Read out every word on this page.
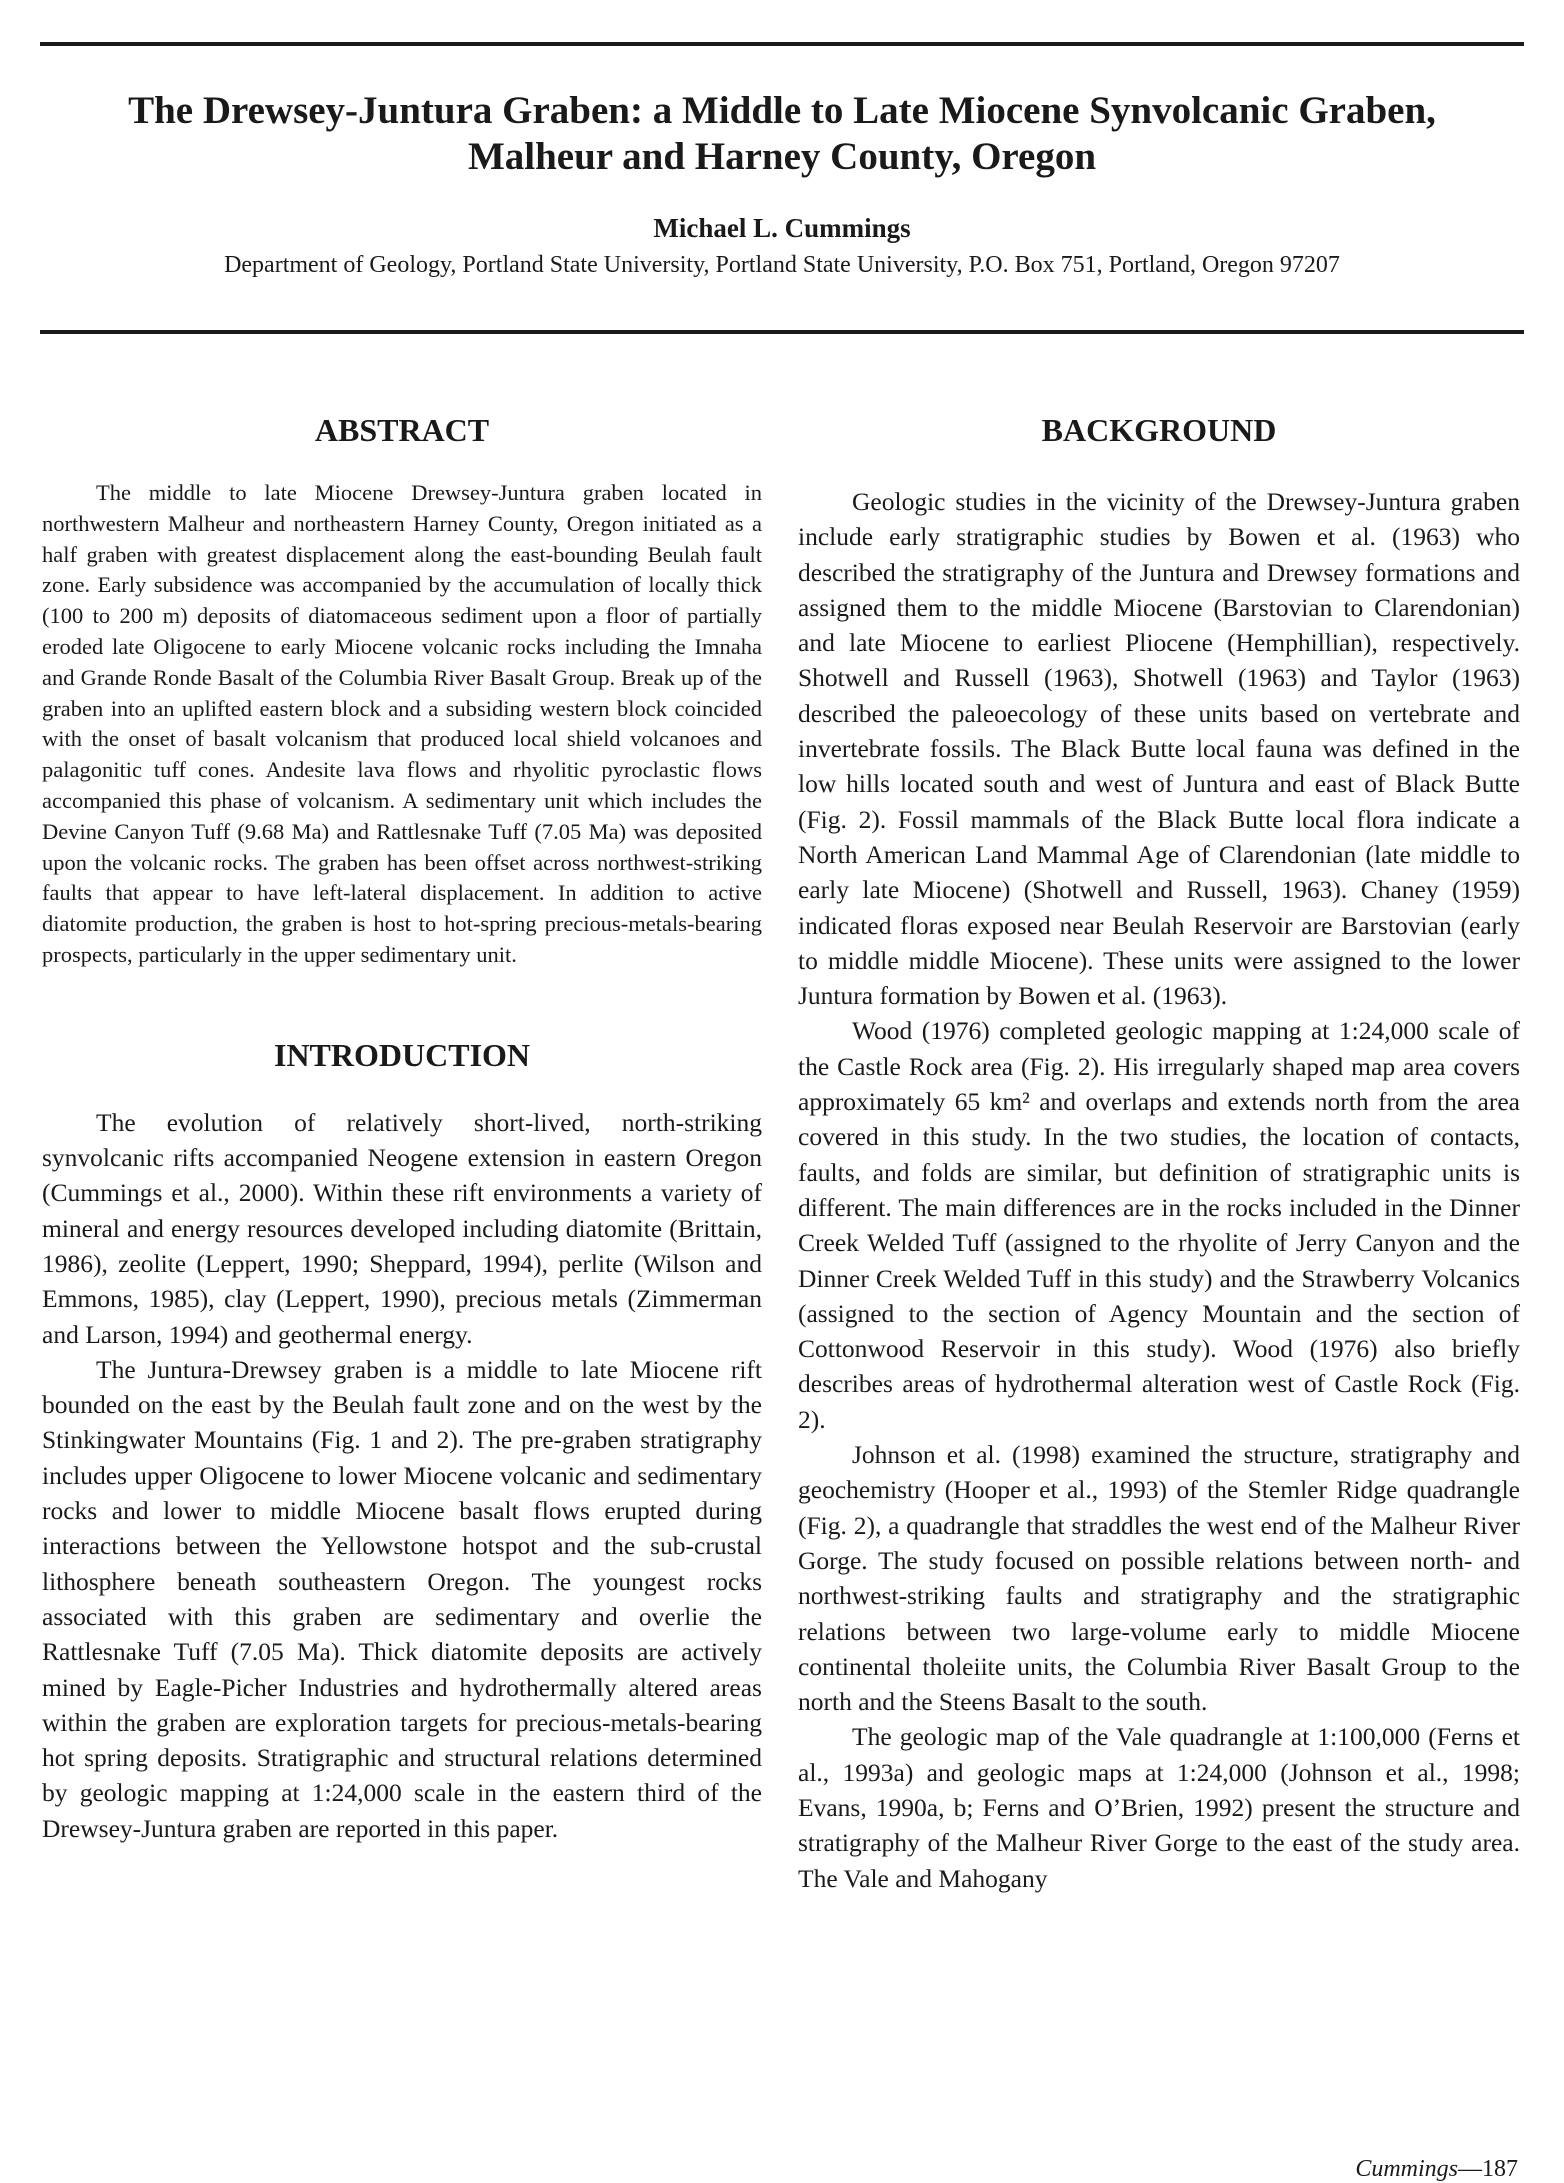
The Drewsey-Juntura Graben: a Middle to Late Miocene Synvolcanic Graben,
Malheur and Harney County, Oregon

Michael L. Cummings

Department of Geology, Portland State University, Portland State University, P.O. Box 751, Portland, Oregon 97207

ABSTRACT

The middle to late Miocene Drewsey-Juntura graben located in northwestern Malheur and northeastern Harney County, Oregon initiated as a half graben with greatest displacement along the east-bounding Beulah fault zone. Early subsidence was accompanied by the accumulation of locally thick (100 to 200 m) deposits of diatomaceous sediment upon a floor of partially eroded late Oligocene to early Miocene volcanic rocks including the Imnaha and Grande Ronde Basalt of the Columbia River Basalt Group. Break up of the graben into an uplifted eastern block and a subsiding western block coincided with the onset of basalt volcanism that produced local shield volcanoes and palagonitic tuff cones. Andesite lava flows and rhyolitic pyroclastic flows accompanied this phase of volcanism. A sedimentary unit which includes the Devine Canyon Tuff (9.68 Ma) and Rattlesnake Tuff (7.05 Ma) was deposited upon the volcanic rocks. The graben has been offset across northwest-striking faults that appear to have left-lateral displacement. In addition to active diatomite production, the graben is host to hot-spring precious-metals-bearing prospects, particularly in the upper sedimentary unit.

INTRODUCTION

The evolution of relatively short-lived, north-striking synvolcanic rifts accompanied Neogene extension in eastern Oregon (Cummings et al., 2000). Within these rift environments a variety of mineral and energy resources developed including diatomite (Brittain, 1986), zeolite (Leppert, 1990; Sheppard, 1994), perlite (Wilson and Emmons, 1985), clay (Leppert, 1990), precious metals (Zimmerman and Larson, 1994) and geothermal energy.

The Juntura-Drewsey graben is a middle to late Miocene rift bounded on the east by the Beulah fault zone and on the west by the Stinkingwater Mountains (Fig. 1 and 2). The pre-graben stratigraphy includes upper Oligocene to lower Miocene volcanic and sedimentary rocks and lower to middle Miocene basalt flows erupted during interactions between the Yellowstone hotspot and the sub-crustal lithosphere beneath southeastern Oregon. The youngest rocks associated with this graben are sedimentary and overlie the Rattlesnake Tuff (7.05 Ma). Thick diatomite deposits are actively mined by Eagle-Picher Industries and hydrothermally altered areas within the graben are exploration targets for precious-metals-bearing hot spring deposits. Stratigraphic and structural relations determined by geologic mapping at 1:24,000 scale in the eastern third of the Drewsey-Juntura graben are reported in this paper.

BACKGROUND

Geologic studies in the vicinity of the Drewsey-Juntura graben include early stratigraphic studies by Bowen et al. (1963) who described the stratigraphy of the Juntura and Drewsey formations and assigned them to the middle Miocene (Barstovian to Clarendonian) and late Miocene to earliest Pliocene (Hemphillian), respectively. Shotwell and Russell (1963), Shotwell (1963) and Taylor (1963) described the paleoecology of these units based on vertebrate and invertebrate fossils. The Black Butte local fauna was defined in the low hills located south and west of Juntura and east of Black Butte (Fig. 2). Fossil mammals of the Black Butte local flora indicate a North American Land Mammal Age of Clarendonian (late middle to early late Miocene) (Shotwell and Russell, 1963). Chaney (1959) indicated floras exposed near Beulah Reservoir are Barstovian (early to middle middle Miocene). These units were assigned to the lower Juntura formation by Bowen et al. (1963).

Wood (1976) completed geologic mapping at 1:24,000 scale of the Castle Rock area (Fig. 2). His irregularly shaped map area covers approximately 65 km² and overlaps and extends north from the area covered in this study. In the two studies, the location of contacts, faults, and folds are similar, but definition of stratigraphic units is different. The main differences are in the rocks included in the Dinner Creek Welded Tuff (assigned to the rhyolite of Jerry Canyon and the Dinner Creek Welded Tuff in this study) and the Strawberry Volcanics (assigned to the section of Agency Mountain and the section of Cottonwood Reservoir in this study). Wood (1976) also briefly describes areas of hydrothermal alteration west of Castle Rock (Fig. 2).

Johnson et al. (1998) examined the structure, stratigraphy and geochemistry (Hooper et al., 1993) of the Stemler Ridge quadrangle (Fig. 2), a quadrangle that straddles the west end of the Malheur River Gorge. The study focused on possible relations between north- and northwest-striking faults and stratigraphy and the stratigraphic relations between two large-volume early to middle Miocene continental tholeiite units, the Columbia River Basalt Group to the north and the Steens Basalt to the south.

The geologic map of the Vale quadrangle at 1:100,000 (Ferns et al., 1993a) and geologic maps at 1:24,000 (Johnson et al., 1998; Evans, 1990a, b; Ferns and O’Brien, 1992) present the structure and stratigraphy of the Malheur River Gorge to the east of the study area. The Vale and Mahogany

Cummings—187
